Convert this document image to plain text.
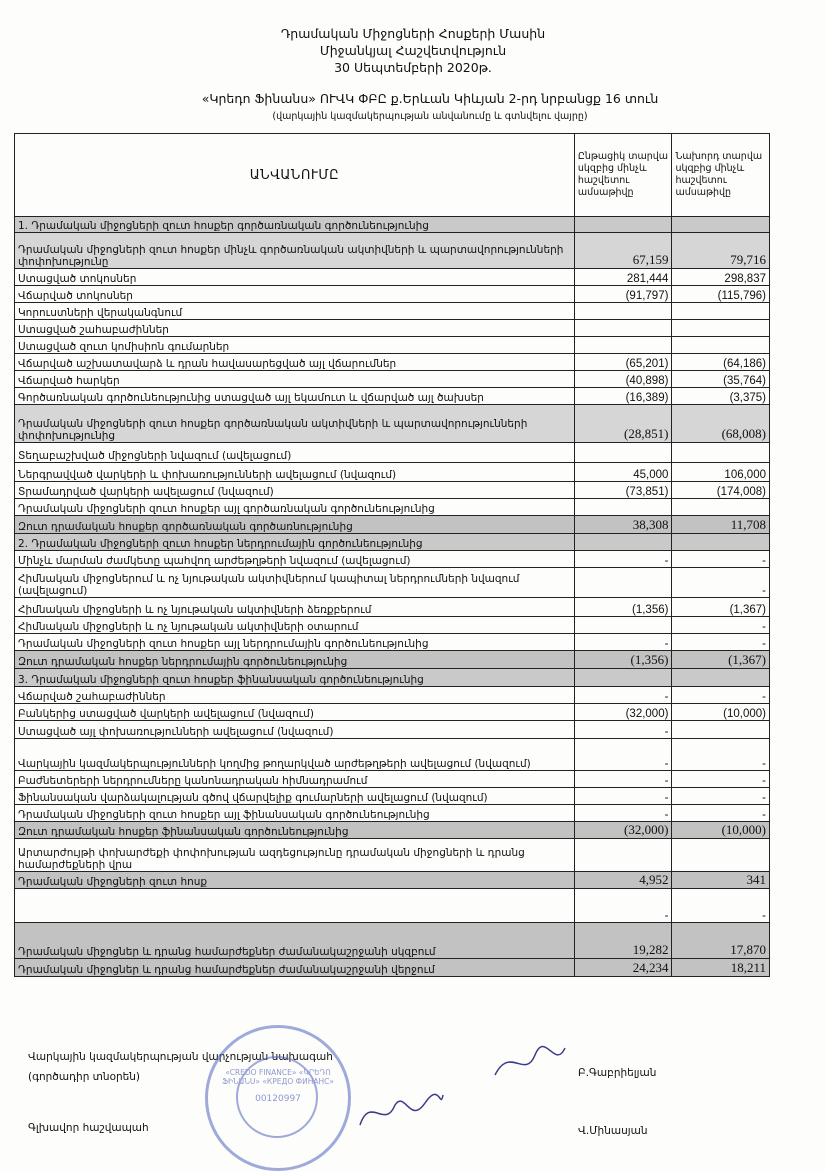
Դրամական Միջոցների Հոսքերի Մասին
Միջանկյալ Հաշվետվություն
30 Սեպտեմբերի 2020թ.
«Կրեդո Ֆինանս» ՈՒՎԿ ՓԲԸ ք.Երևան Կիևյան 2-րդ նրբանցք 16 տուն
(վարկային կազմակերպության անվանումը և գտնվելու վայրը)
ԱՆՎԱՆՈՒՄԸ	Ընթացիկ տարվա սկզբից մինչև հաշվետու ամսաթիվը	Նախորդ տարվա սկզբից մինչև հաշվետու ամսաթիվը
1. Դրամական միջոցների զուտ հոսքեր գործառնական գործունեությունից		
Դրամական միջոցների զուտ հոսքեր մինչև գործառնական ակտիվների և պարտավորությունների փոփոխությունը	67,159	79,716
Ստացված տոկոսներ	281,444	298,837
Վճարված տոկոսներ	(91,797)	(115,796)
Կորուստների վերականգնում		
Ստացված շահաբաժիններ		
Ստացված զուտ կոմիսիոն գումարներ		
Վճարված աշխատավարձ և դրան հավասարեցված այլ վճարումներ	(65,201)	(64,186)
Վճարված հարկեր	(40,898)	(35,764)
Գործառնական գործունեությունից ստացված այլ եկամուտ և վճարված այլ ծախսեր	(16,389)	(3,375)
Դրամական միջոցների զուտ հոսքեր գործառնական ակտիվների և պարտավորությունների փոփոխությունից	(28,851)	(68,008)
Տեղաբաշխված միջոցների նվազում (ավելացում)		
Ներգրավված վարկերի և փոխառությունների ավելացում (նվազում)	45,000	106,000
Տրամադրված վարկերի ավելացում (նվազում)	(73,851)	(174,008)
Դրամական միջոցների զուտ հոսքեր այլ գործառնական գործունեությունից		
Զուտ դրամական հոսքեր գործառնական գործառնությունից	38,308	11,708
2. Դրամական միջոցների զուտ հոսքեր ներդրումային գործունեությունից		
Մինչև մարման ժամկետը պահվող արժեթղթերի նվազում (ավելացում)	-	-
Հիմնական միջոցներում և ոչ նյութական ակտիվներում կապիտալ ներդրումների նվազում (ավելացում)		-
Հիմնական միջոցների և ոչ նյութական ակտիվների ձեռքբերում	(1,356)	(1,367)
Հիմնական միջոցների և ոչ նյութական ակտիվների օտարում		-
Դրամական միջոցների զուտ հոսքեր այլ ներդրումային գործունեությունից	-	-
Զուտ դրամական հոսքեր ներդրումային գործունեությունից	(1,356)	(1,367)
3. Դրամական միջոցների զուտ հոսքեր ֆինանսական գործունեությունից		
Վճարված շահաբաժիններ	-	-
Բանկերից ստացված վարկերի ավելացում (նվազում)	(32,000)	(10,000)
Ստացված այլ փոխառությունների ավելացում (նվազում)	-	
Վարկային կազմակերպությունների կողմից թողարկված արժեթղթերի ավելացում (նվազում)	-	-
Բաժնետերերի ներդրումները կանոնադրական հիմնադրամում	-	-
Ֆինանսական վարձակալության գծով վճարվելիք գումարների ավելացում (նվազում)	-	-
Դրամական միջոցների զուտ հոսքեր այլ ֆինանսական գործունեությունից	-	-
Զուտ դրամական հոսքեր ֆինանսական գործունեությունից	(32,000)	(10,000)
Արտարժույթի փոխարժեքի փոփոխության ազդեցությունը դրամական միջոցների և դրանց համարժեքների վրա		
Դրամական միջոցների զուտ հոսք	4,952	341
	-	-
Դրամական միջոցներ և դրանց համարժեքներ ժամանակաշրջանի սկզբում	19,282	17,870
Դրամական միջոցներ և դրանց համարժեքներ ժամանակաշրջանի վերջում	24,234	18,211
Վարկային կազմակերպության վարչության նախագահ
(գործադիր տնօրեն)	Բ.Գաբրիելյան
Գլխավոր հաշվապահ	Վ.Մինասյան
«CREDO FINANCE» «ԿՐԵԴՈ ՖԻՆԱՆՍ» «КРЕДО ФИНАНС»
00120997
